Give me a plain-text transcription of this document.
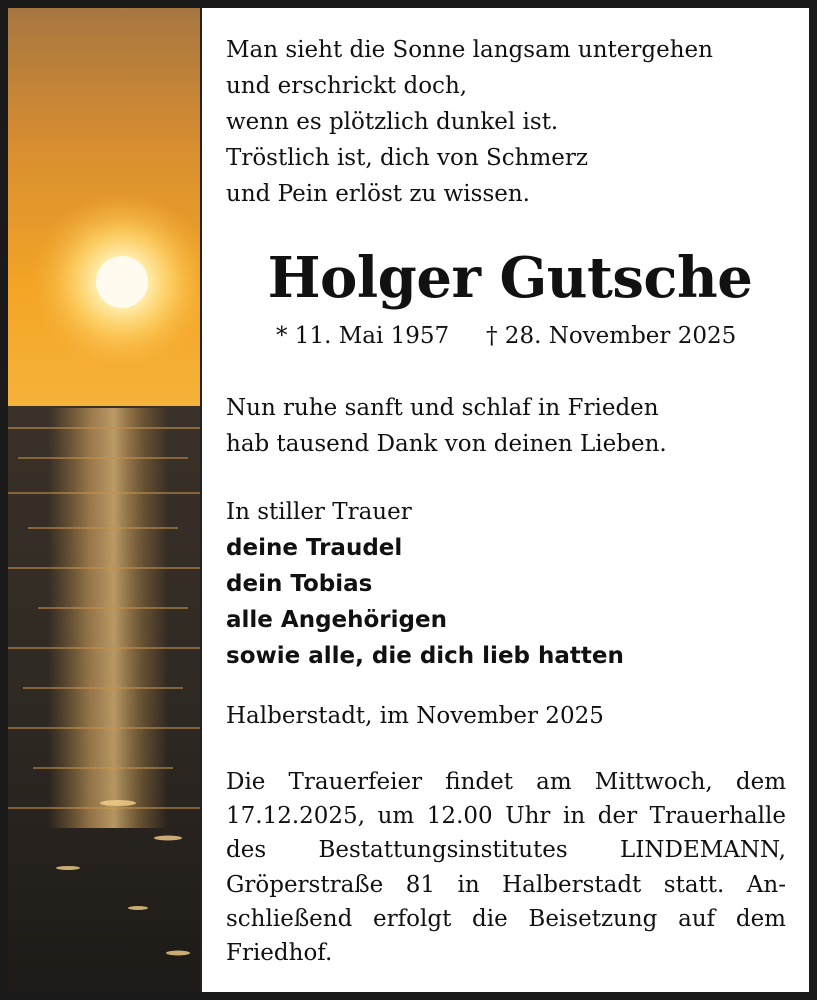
Man sieht die Sonne langsam untergehen
und erschrickt doch,
wenn es plötzlich dunkel ist.
Tröstlich ist, dich von Schmerz
und Pein erlöst zu wissen.
Holger Gutsche
* 11. Mai 1957 † 28. November 2025
Nun ruhe sanft und schlaf in Frieden
hab tausend Dank von deinen Lieben.
In stiller Trauer
deine Traudel
dein Tobias
alle Angehörigen
sowie alle, die dich lieb hatten
Halberstadt, im November 2025
Die Trauerfeier findet am Mittwoch, dem
17.12.2025, um 12.00 Uhr in der Trauerhalle
des Bestattungsinstitutes LINDEMANN,
Gröperstraße 81 in Halberstadt statt. An-
schließend erfolgt die Beisetzung auf dem
Friedhof.
